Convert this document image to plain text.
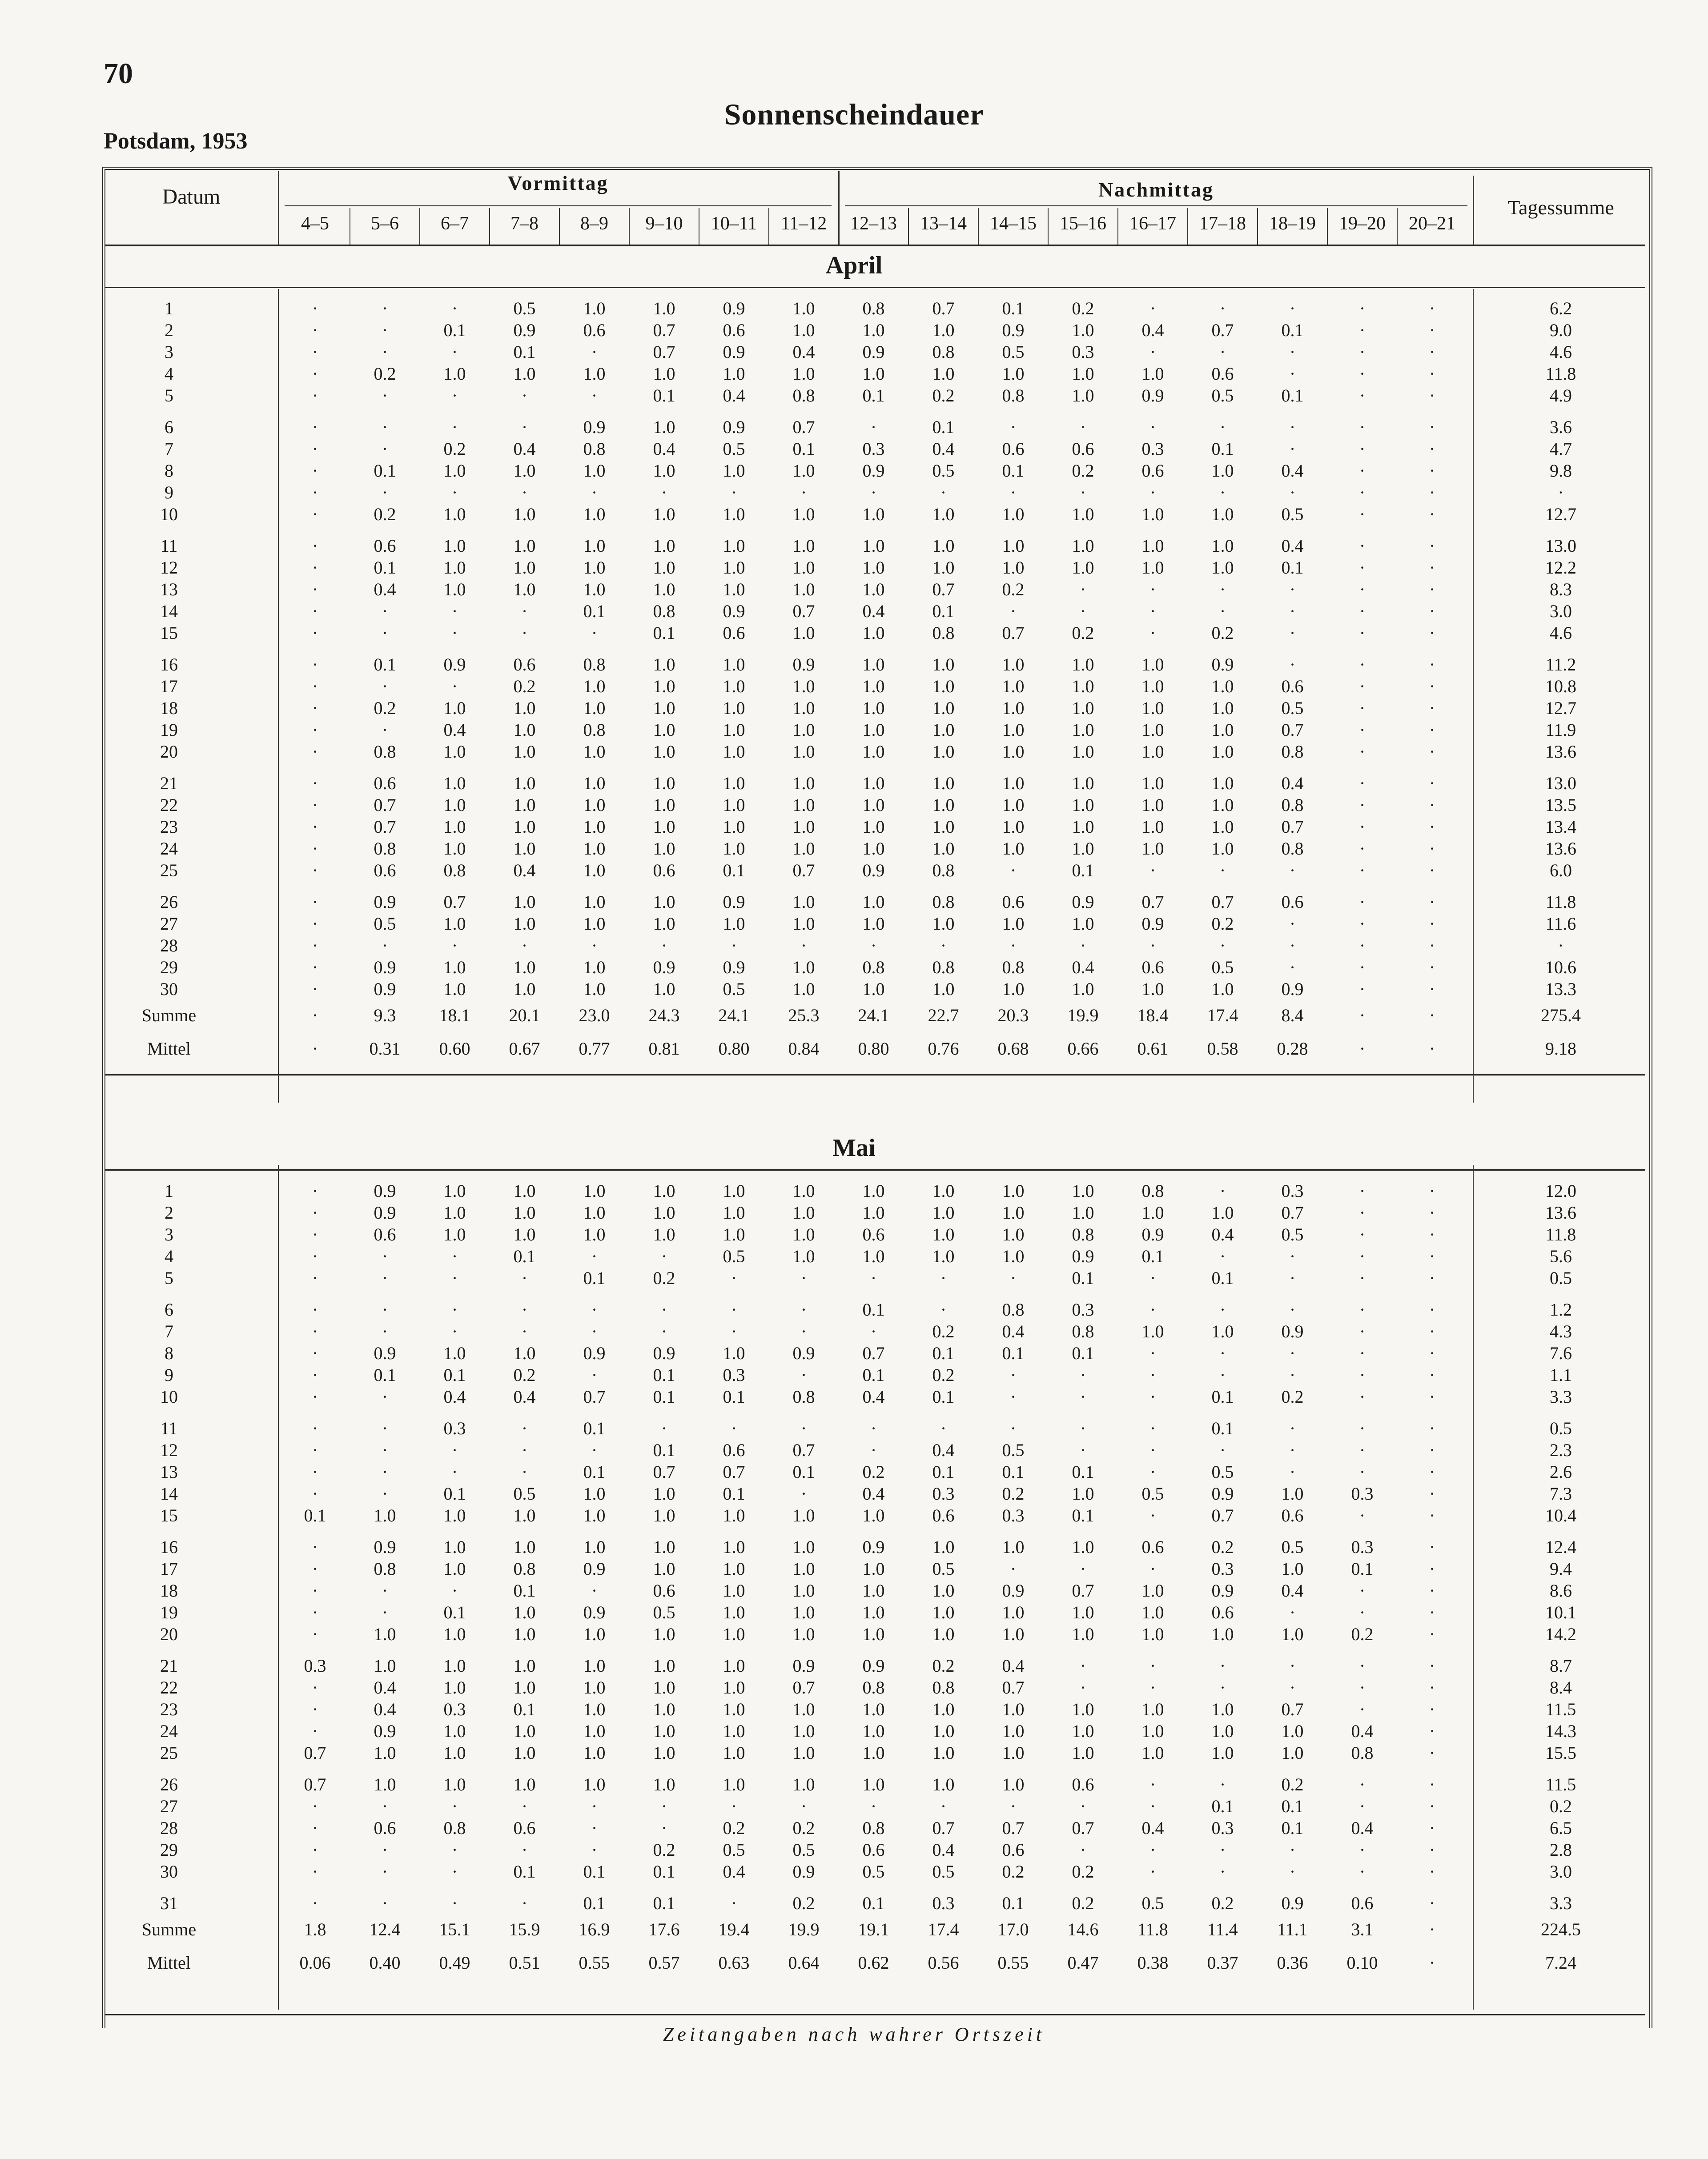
70
Sonnenscheindauer
Potsdam, 1953
Datum
Vormittag	Nachmittag
Tagessumme
4–5	5–6	6–7	7–8	8–9	9–10	10–11	11–12	12–13	13–14	14–15	15–16	16–17	17–18	18–19	19–20	20–21
April
1	·	·	·	0.5	1.0	1.0	0.9	1.0	0.8	0.7	0.1	0.2	·	·	·	·	·	6.2
2	·	·	0.1	0.9	0.6	0.7	0.6	1.0	1.0	1.0	0.9	1.0	0.4	0.7	0.1	·	·	9.0
3	·	·	·	0.1	·	0.7	0.9	0.4	0.9	0.8	0.5	0.3	·	·	·	·	·	4.6
4	·	0.2	1.0	1.0	1.0	1.0	1.0	1.0	1.0	1.0	1.0	1.0	1.0	0.6	·	·	·	11.8
5	·	·	·	·	·	0.1	0.4	0.8	0.1	0.2	0.8	1.0	0.9	0.5	0.1	·	·	4.9
6	·	·	·	·	0.9	1.0	0.9	0.7	·	0.1	·	·	·	·	·	·	·	3.6
7	·	·	0.2	0.4	0.8	0.4	0.5	0.1	0.3	0.4	0.6	0.6	0.3	0.1	·	·	·	4.7
8	·	0.1	1.0	1.0	1.0	1.0	1.0	1.0	0.9	0.5	0.1	0.2	0.6	1.0	0.4	·	·	9.8
9	·	·	·	·	·	·	·	·	·	·	·	·	·	·	·	·	·	·
10	·	0.2	1.0	1.0	1.0	1.0	1.0	1.0	1.0	1.0	1.0	1.0	1.0	1.0	0.5	·	·	12.7
11	·	0.6	1.0	1.0	1.0	1.0	1.0	1.0	1.0	1.0	1.0	1.0	1.0	1.0	0.4	·	·	13.0
12	·	0.1	1.0	1.0	1.0	1.0	1.0	1.0	1.0	1.0	1.0	1.0	1.0	1.0	0.1	·	·	12.2
13	·	0.4	1.0	1.0	1.0	1.0	1.0	1.0	1.0	0.7	0.2	·	·	·	·	·	·	8.3
14	·	·	·	·	0.1	0.8	0.9	0.7	0.4	0.1	·	·	·	·	·	·	·	3.0
15	·	·	·	·	·	0.1	0.6	1.0	1.0	0.8	0.7	0.2	·	0.2	·	·	·	4.6
16	·	0.1	0.9	0.6	0.8	1.0	1.0	0.9	1.0	1.0	1.0	1.0	1.0	0.9	·	·	·	11.2
17	·	·	·	0.2	1.0	1.0	1.0	1.0	1.0	1.0	1.0	1.0	1.0	1.0	0.6	·	·	10.8
18	·	0.2	1.0	1.0	1.0	1.0	1.0	1.0	1.0	1.0	1.0	1.0	1.0	1.0	0.5	·	·	12.7
19	·	·	0.4	1.0	0.8	1.0	1.0	1.0	1.0	1.0	1.0	1.0	1.0	1.0	0.7	·	·	11.9
20	·	0.8	1.0	1.0	1.0	1.0	1.0	1.0	1.0	1.0	1.0	1.0	1.0	1.0	0.8	·	·	13.6
21	·	0.6	1.0	1.0	1.0	1.0	1.0	1.0	1.0	1.0	1.0	1.0	1.0	1.0	0.4	·	·	13.0
22	·	0.7	1.0	1.0	1.0	1.0	1.0	1.0	1.0	1.0	1.0	1.0	1.0	1.0	0.8	·	·	13.5
23	·	0.7	1.0	1.0	1.0	1.0	1.0	1.0	1.0	1.0	1.0	1.0	1.0	1.0	0.7	·	·	13.4
24	·	0.8	1.0	1.0	1.0	1.0	1.0	1.0	1.0	1.0	1.0	1.0	1.0	1.0	0.8	·	·	13.6
25	·	0.6	0.8	0.4	1.0	0.6	0.1	0.7	0.9	0.8	·	0.1	·	·	·	·	·	6.0
26	·	0.9	0.7	1.0	1.0	1.0	0.9	1.0	1.0	0.8	0.6	0.9	0.7	0.7	0.6	·	·	11.8
27	·	0.5	1.0	1.0	1.0	1.0	1.0	1.0	1.0	1.0	1.0	1.0	0.9	0.2	·	·	·	11.6
28	·	·	·	·	·	·	·	·	·	·	·	·	·	·	·	·	·	·
29	·	0.9	1.0	1.0	1.0	0.9	0.9	1.0	0.8	0.8	0.8	0.4	0.6	0.5	·	·	·	10.6
30	·	0.9	1.0	1.0	1.0	1.0	0.5	1.0	1.0	1.0	1.0	1.0	1.0	1.0	0.9	·	·	13.3
Summe	·	9.3	18.1	20.1	23.0	24.3	24.1	25.3	24.1	22.7	20.3	19.9	18.4	17.4	8.4	·	·	275.4
Mittel	·	0.31	0.60	0.67	0.77	0.81	0.80	0.84	0.80	0.76	0.68	0.66	0.61	0.58	0.28	·	·	9.18
Mai
1	·	0.9	1.0	1.0	1.0	1.0	1.0	1.0	1.0	1.0	1.0	1.0	0.8	·	0.3	·	·	12.0
2	·	0.9	1.0	1.0	1.0	1.0	1.0	1.0	1.0	1.0	1.0	1.0	1.0	1.0	0.7	·	·	13.6
3	·	0.6	1.0	1.0	1.0	1.0	1.0	1.0	0.6	1.0	1.0	0.8	0.9	0.4	0.5	·	·	11.8
4	·	·	·	0.1	·	·	0.5	1.0	1.0	1.0	1.0	0.9	0.1	·	·	·	·	5.6
5	·	·	·	·	0.1	0.2	·	·	·	·	·	0.1	·	0.1	·	·	·	0.5
6	·	·	·	·	·	·	·	·	0.1	·	0.8	0.3	·	·	·	·	·	1.2
7	·	·	·	·	·	·	·	·	·	0.2	0.4	0.8	1.0	1.0	0.9	·	·	4.3
8	·	0.9	1.0	1.0	0.9	0.9	1.0	0.9	0.7	0.1	0.1	0.1	·	·	·	·	·	7.6
9	·	0.1	0.1	0.2	·	0.1	0.3	·	0.1	0.2	·	·	·	·	·	·	·	1.1
10	·	·	0.4	0.4	0.7	0.1	0.1	0.8	0.4	0.1	·	·	·	0.1	0.2	·	·	3.3
11	·	·	0.3	·	0.1	·	·	·	·	·	·	·	·	0.1	·	·	·	0.5
12	·	·	·	·	·	0.1	0.6	0.7	·	0.4	0.5	·	·	·	·	·	·	2.3
13	·	·	·	·	0.1	0.7	0.7	0.1	0.2	0.1	0.1	0.1	·	0.5	·	·	·	2.6
14	·	·	0.1	0.5	1.0	1.0	0.1	·	0.4	0.3	0.2	1.0	0.5	0.9	1.0	0.3	·	7.3
15	0.1	1.0	1.0	1.0	1.0	1.0	1.0	1.0	1.0	0.6	0.3	0.1	·	0.7	0.6	·	·	10.4
16	·	0.9	1.0	1.0	1.0	1.0	1.0	1.0	0.9	1.0	1.0	1.0	0.6	0.2	0.5	0.3	·	12.4
17	·	0.8	1.0	0.8	0.9	1.0	1.0	1.0	1.0	0.5	·	·	·	0.3	1.0	0.1	·	9.4
18	·	·	·	0.1	·	0.6	1.0	1.0	1.0	1.0	0.9	0.7	1.0	0.9	0.4	·	·	8.6
19	·	·	0.1	1.0	0.9	0.5	1.0	1.0	1.0	1.0	1.0	1.0	1.0	0.6	·	·	·	10.1
20	·	1.0	1.0	1.0	1.0	1.0	1.0	1.0	1.0	1.0	1.0	1.0	1.0	1.0	1.0	0.2	·	14.2
21	0.3	1.0	1.0	1.0	1.0	1.0	1.0	0.9	0.9	0.2	0.4	·	·	·	·	·	·	8.7
22	·	0.4	1.0	1.0	1.0	1.0	1.0	0.7	0.8	0.8	0.7	·	·	·	·	·	·	8.4
23	·	0.4	0.3	0.1	1.0	1.0	1.0	1.0	1.0	1.0	1.0	1.0	1.0	1.0	0.7	·	·	11.5
24	·	0.9	1.0	1.0	1.0	1.0	1.0	1.0	1.0	1.0	1.0	1.0	1.0	1.0	1.0	0.4	·	14.3
25	0.7	1.0	1.0	1.0	1.0	1.0	1.0	1.0	1.0	1.0	1.0	1.0	1.0	1.0	1.0	0.8	·	15.5
26	0.7	1.0	1.0	1.0	1.0	1.0	1.0	1.0	1.0	1.0	1.0	0.6	·	·	0.2	·	·	11.5
27	·	·	·	·	·	·	·	·	·	·	·	·	·	0.1	0.1	·	·	0.2
28	·	0.6	0.8	0.6	·	·	0.2	0.2	0.8	0.7	0.7	0.7	0.4	0.3	0.1	0.4	·	6.5
29	·	·	·	·	·	0.2	0.5	0.5	0.6	0.4	0.6	·	·	·	·	·	·	2.8
30	·	·	·	0.1	0.1	0.1	0.4	0.9	0.5	0.5	0.2	0.2	·	·	·	·	·	3.0
31	·	·	·	·	0.1	0.1	·	0.2	0.1	0.3	0.1	0.2	0.5	0.2	0.9	0.6	·	3.3
Summe	1.8	12.4	15.1	15.9	16.9	17.6	19.4	19.9	19.1	17.4	17.0	14.6	11.8	11.4	11.1	3.1	·	224.5
Mittel	0.06	0.40	0.49	0.51	0.55	0.57	0.63	0.64	0.62	0.56	0.55	0.47	0.38	0.37	0.36	0.10	·	7.24
Zeitangaben nach wahrer Ortszeit
